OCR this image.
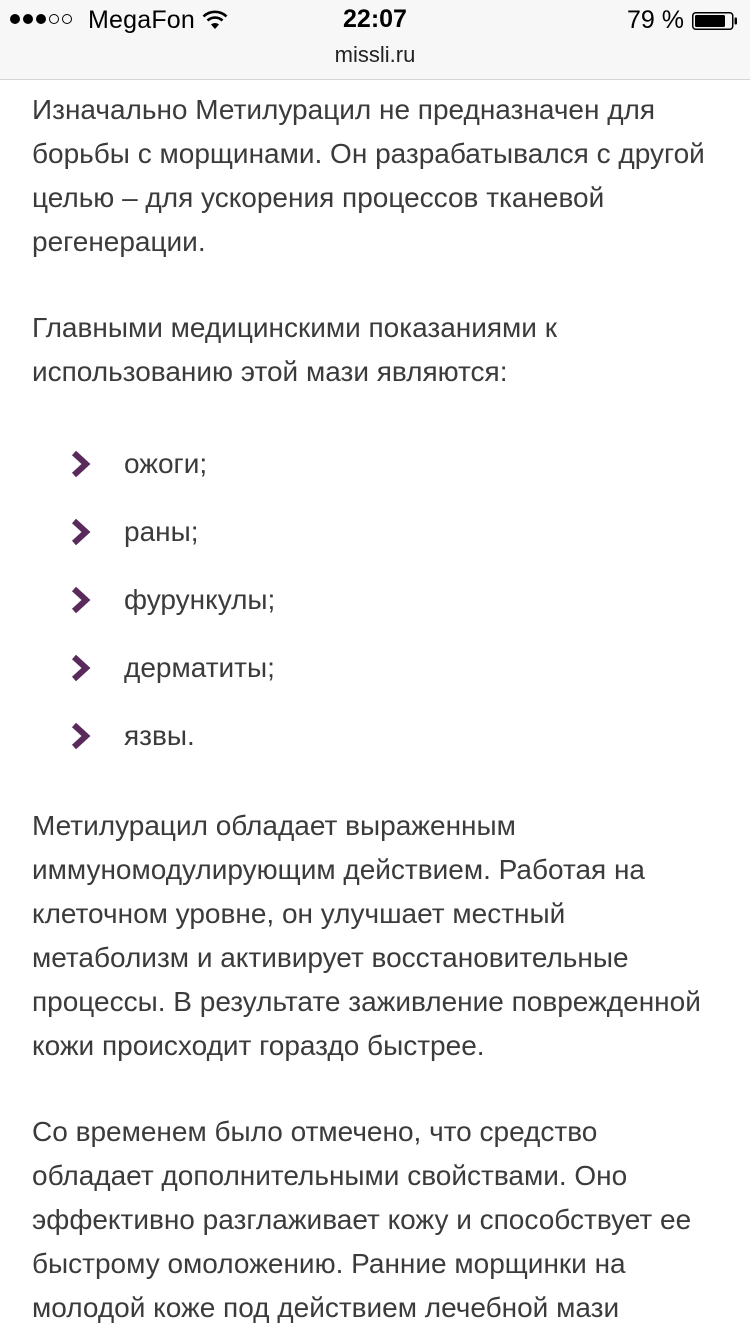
MegaFon	22:07	79 %
missli.ru

Изначально Метилурацил не предназначен для борьбы с морщинами. Он разрабатывался с другой целью – для ускорения процессов тканевой регенерации.

Главными медицинскими показаниями к использованию этой мази являются:

ожоги;
раны;
фурункулы;
дерматиты;
язвы.

Метилурацил обладает выраженным иммуномодулирующим действием. Работая на клеточном уровне, он улучшает местный метаболизм и активирует восстановительные процессы. В результате заживление поврежденной кожи происходит гораздо быстрее.

Со временем было отмечено, что средство обладает дополнительными свойствами. Оно эффективно разглаживает кожу и способствует ее быстрому омоложению. Ранние морщинки на молодой коже под действием лечебной мази
